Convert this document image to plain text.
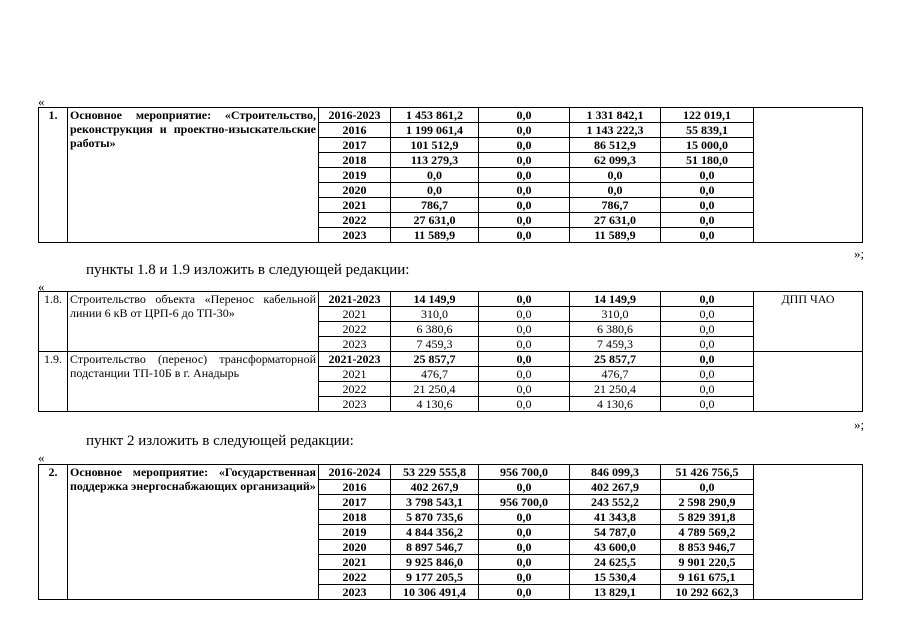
«
1.	Основное мероприятие: «Строительство, реконструкция и проектно-изыскательские работы»	2016-2023	1 453 861,2	0,0	1 331 842,1	122 019,1	
		2016	1 199 061,4	0,0	1 143 222,3	55 839,1	
		2017	101 512,9	0,0	86 512,9	15 000,0	
		2018	113 279,3	0,0	62 099,3	51 180,0	
		2019	0,0	0,0	0,0	0,0	
		2020	0,0	0,0	0,0	0,0	
		2021	786,7	0,0	786,7	0,0	
		2022	27 631,0	0,0	27 631,0	0,0	
		2023	11 589,9	0,0	11 589,9	0,0	
»;
пункты 1.8 и 1.9 изложить в следующей редакции:
«
1.8.	Строительство объекта «Перенос кабельной линии 6 кВ от ЦРП-6 до ТП-30»	2021-2023	14 149,9	0,0	14 149,9	0,0	ДПП ЧАО
		2021	310,0	0,0	310,0	0,0	
		2022	6 380,6	0,0	6 380,6	0,0	
		2023	7 459,3	0,0	7 459,3	0,0	
1.9.	Строительство (перенос) трансформаторной подстанции ТП-10Б в г. Анадырь	2021-2023	25 857,7	0,0	25 857,7	0,0	
		2021	476,7	0,0	476,7	0,0	
		2022	21 250,4	0,0	21 250,4	0,0	
		2023	4 130,6	0,0	4 130,6	0,0	
»;
пункт 2 изложить в следующей редакции:
«
2.	Основное мероприятие: «Государственная поддержка энергоснабжающих организаций»	2016-2024	53 229 555,8	956 700,0	846 099,3	51 426 756,5	
		2016	402 267,9	0,0	402 267,9	0,0	
		2017	3 798 543,1	956 700,0	243 552,2	2 598 290,9	
		2018	5 870 735,6	0,0	41 343,8	5 829 391,8	
		2019	4 844 356,2	0,0	54 787,0	4 789 569,2	
		2020	8 897 546,7	0,0	43 600,0	8 853 946,7	
		2021	9 925 846,0	0,0	24 625,5	9 901 220,5	
		2022	9 177 205,5	0,0	15 530,4	9 161 675,1	
		2023	10 306 491,4	0,0	13 829,1	10 292 662,3	
